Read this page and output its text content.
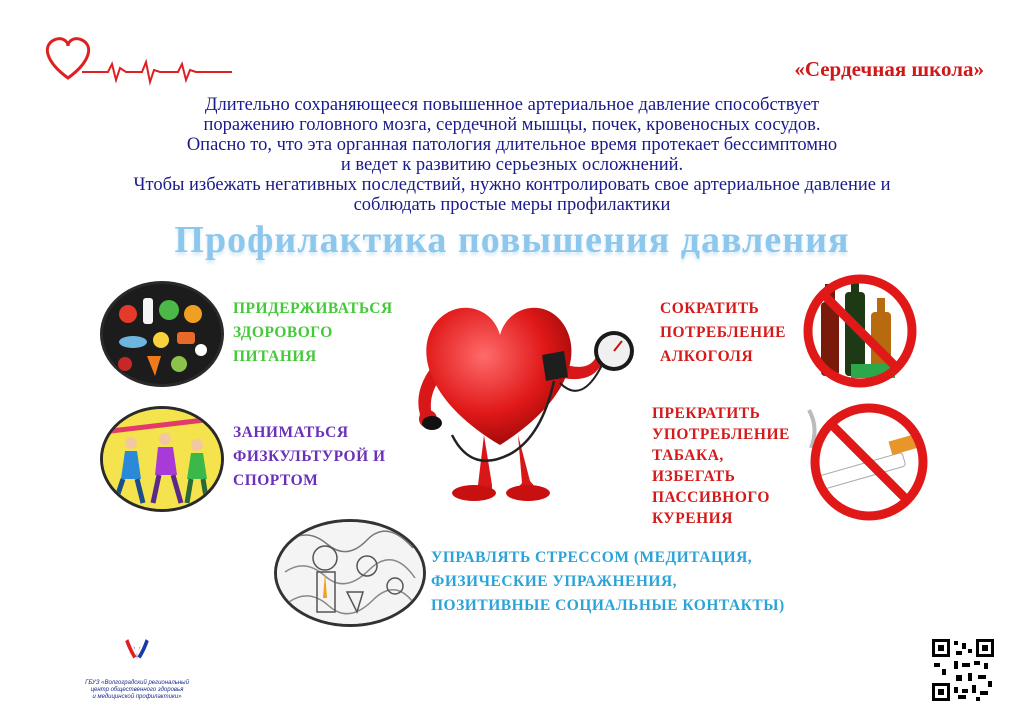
«Сердечная школа»
Длительно сохраняющееся повышенное артериальное давление способствует
поражению головного мозга, сердечной мышцы, почек, кровеносных сосудов.
Опасно то, что эта органная патология длительное время протекает бессимптомно
и ведет к развитию серьезных осложнений.
Чтобы избежать негативных последствий, нужно контролировать свое артериальное давление и
соблюдать простые меры профилактики
Профилактика повышения давления
ПРИДЕРЖИВАТЬСЯ
ЗДОРОВОГО
ПИТАНИЯ
ЗАНИМАТЬСЯ
ФИЗКУЛЬТУРОЙ И
СПОРТОМ
СОКРАТИТЬ
ПОТРЕБЛЕНИЕ
АЛКОГОЛЯ
ПРЕКРАТИТЬ
УПОТРЕБЛЕНИЕ
ТАБАКА,
ИЗБЕГАТЬ
ПАССИВНОГО
КУРЕНИЯ
УПРАВЛЯТЬ СТРЕССОМ (МЕДИТАЦИЯ,
ФИЗИЧЕСКИЕ УПРАЖНЕНИЯ,
ПОЗИТИВНЫЕ СОЦИАЛЬНЫЕ КОНТАКТЫ)
ГБУЗ «Волгоградский региональный
центр общественного здоровья
и медицинской профилактики»
